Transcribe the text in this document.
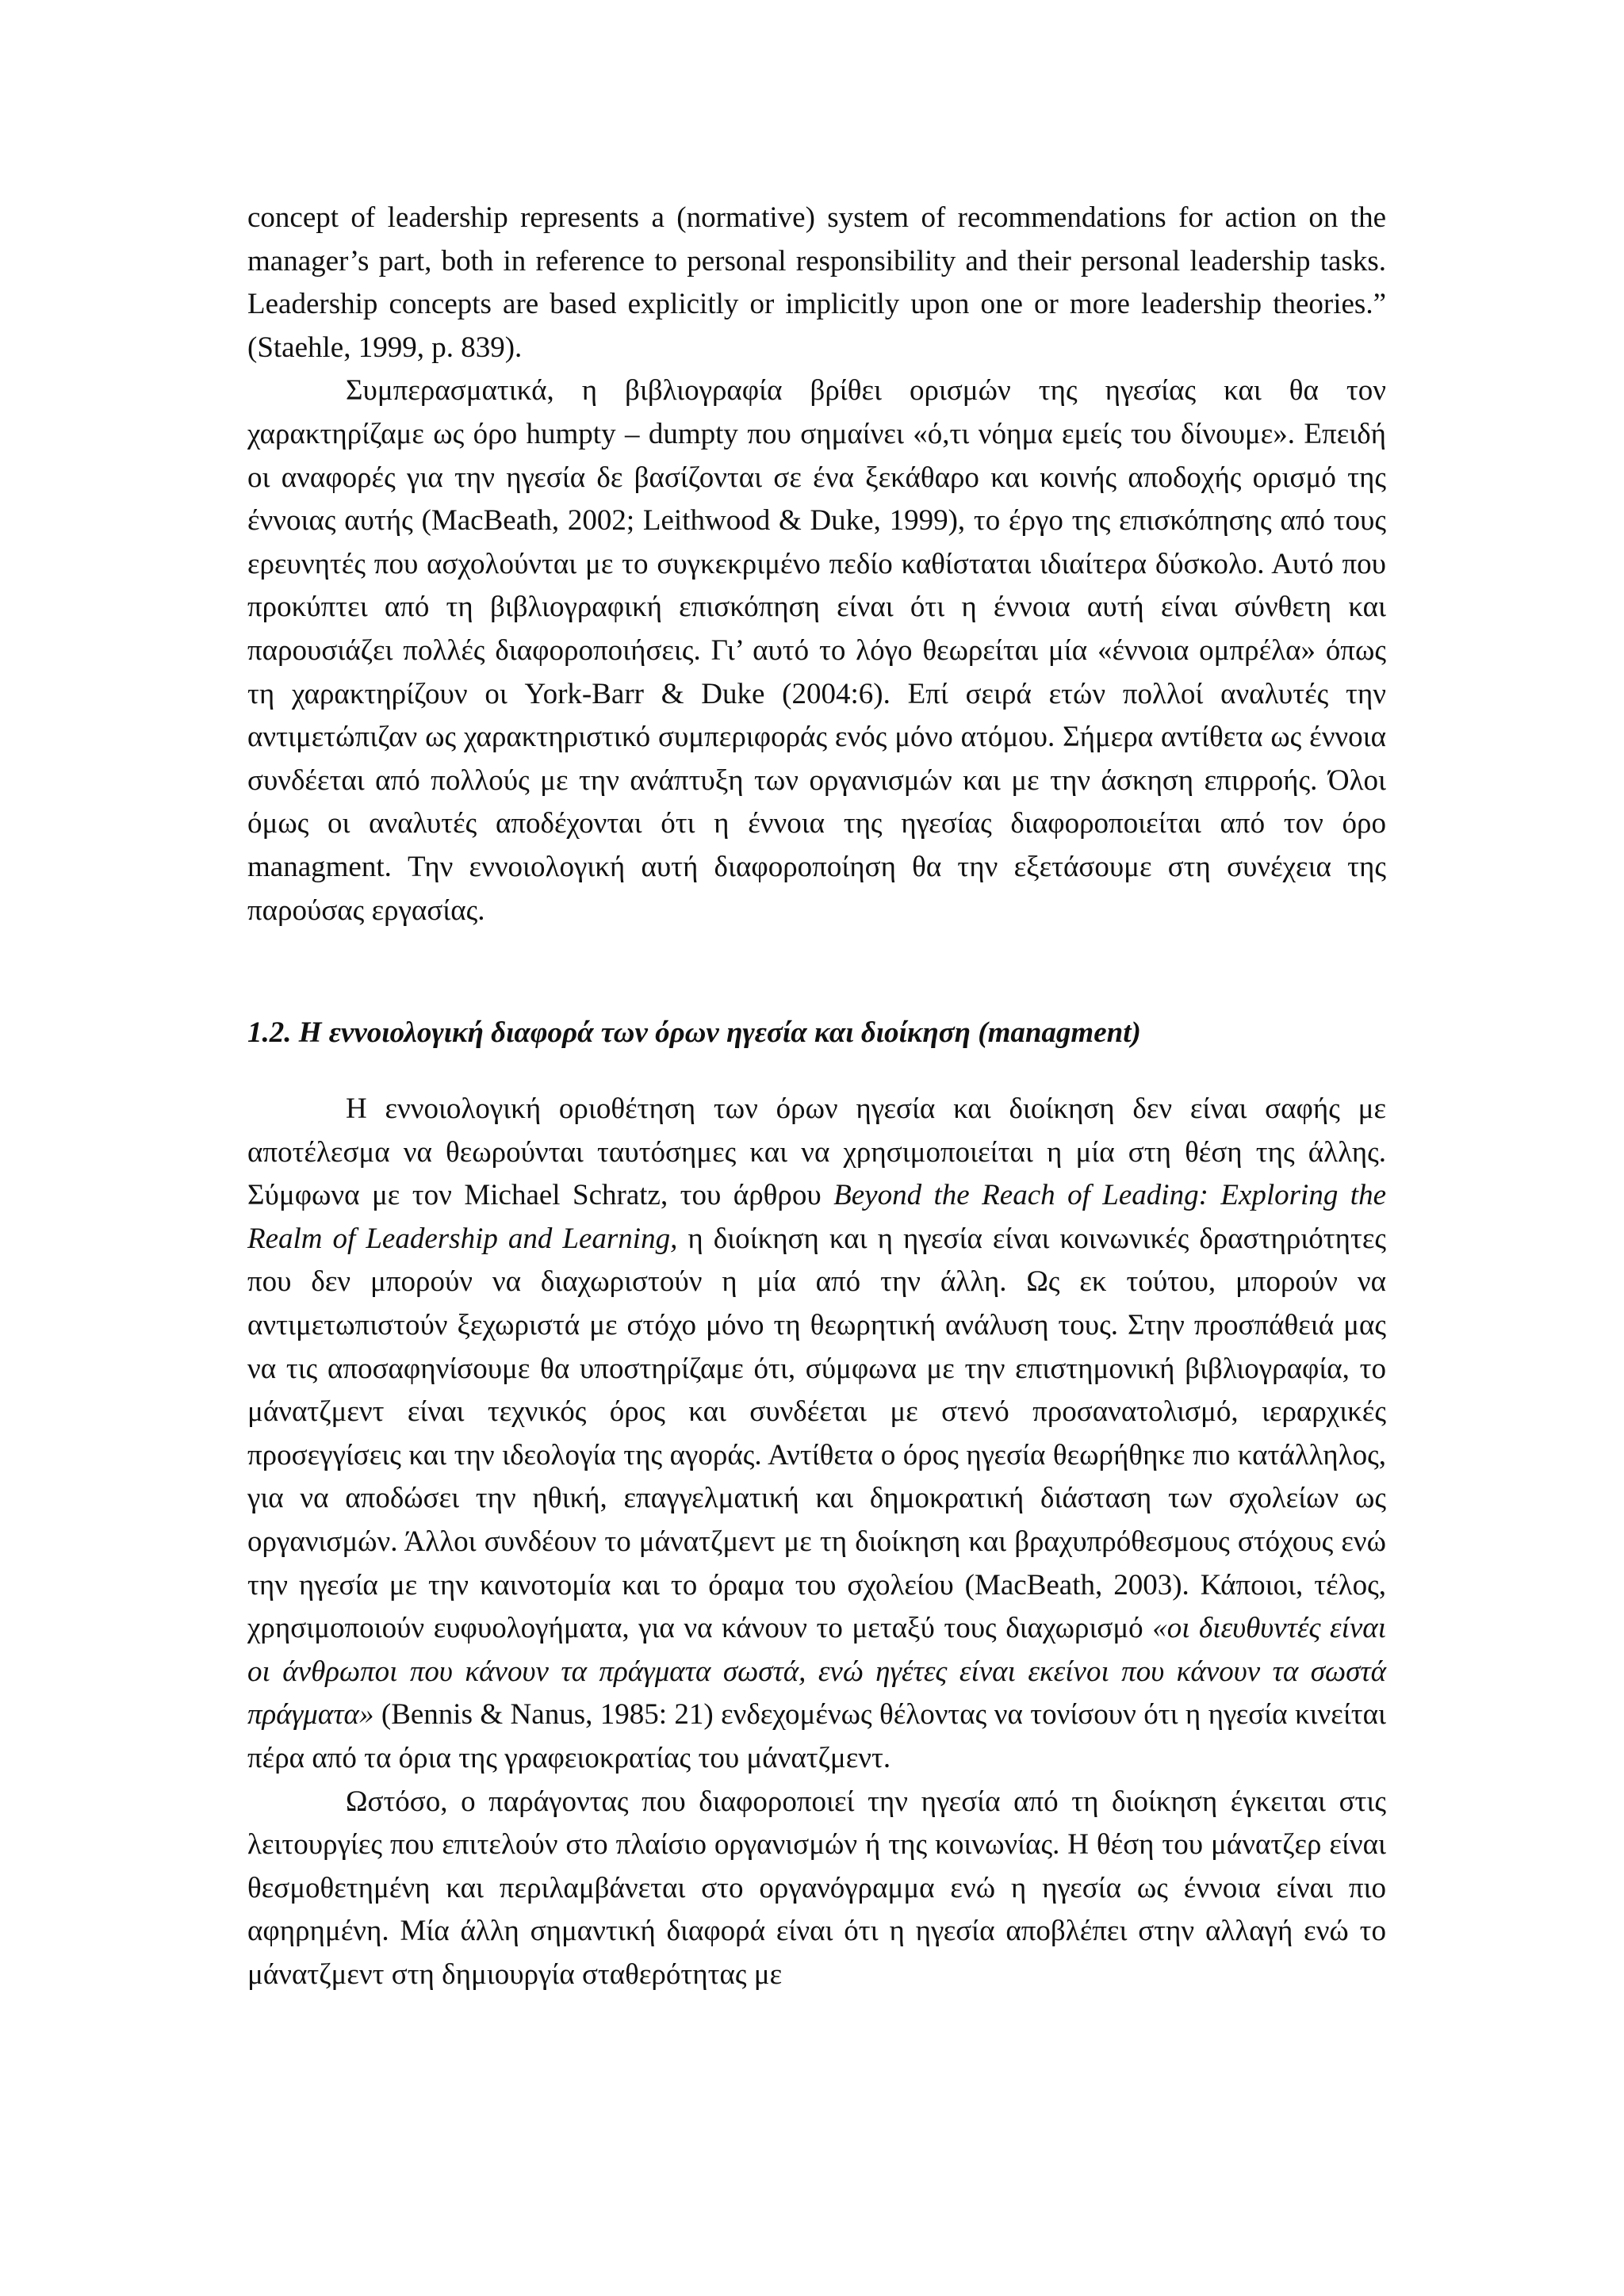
concept of leadership represents a (normative) system of recommendations for action on the manager’s part, both in reference to personal responsibility and their personal leadership tasks. Leadership concepts are based explicitly or implicitly upon one or more leadership theories.” (Staehle, 1999, p. 839).

Συμπερασματικά, η βιβλιογραφία βρίθει ορισμών της ηγεσίας και θα τον χαρακτηρίζαμε ως όρο humpty – dumpty που σημαίνει «ό,τι νόημα εμείς του δίνουμε». Επειδή οι αναφορές για την ηγεσία δε βασίζονται σε ένα ξεκάθαρο και κοινής αποδοχής ορισμό της έννοιας αυτής (MacBeath, 2002; Leithwood & Duke, 1999), το έργο της επισκόπησης από τους ερευνητές που ασχολούνται με το συγκεκριμένο πεδίο καθίσταται ιδιαίτερα δύσκολο. Αυτό που προκύπτει από τη βιβλιογραφική επισκόπηση είναι ότι η έννοια αυτή είναι σύνθετη και παρουσιάζει πολλές διαφοροποιήσεις. Γι’ αυτό το λόγο θεωρείται μία «έννοια ομπρέλα» όπως τη χαρακτηρίζουν οι York-Barr & Duke (2004:6). Επί σειρά ετών πολλοί αναλυτές την αντιμετώπιζαν ως χαρακτηριστικό συμπεριφοράς ενός μόνο ατόμου. Σήμερα αντίθετα ως έννοια συνδέεται από πολλούς με την ανάπτυξη των οργανισμών και με την άσκηση επιρροής. Όλοι όμως οι αναλυτές αποδέχονται ότι η έννοια της ηγεσίας διαφοροποιείται από τον όρο managment. Την εννοιολογική αυτή διαφοροποίηση θα την εξετάσουμε στη συνέχεια της παρούσας εργασίας.

1.2. Η εννοιολογική διαφορά των όρων ηγεσία και διοίκηση (managment)

Η εννοιολογική οριοθέτηση των όρων ηγεσία και διοίκηση δεν είναι σαφής με αποτέλεσμα να θεωρούνται ταυτόσημες και να χρησιμοποιείται η μία στη θέση της άλλης. Σύμφωνα με τον Michael Schratz, του άρθρου Beyond the Reach of Leading: Exploring the Realm of Leadership and Learning, η διοίκηση και η ηγεσία είναι κοινωνικές δραστηριότητες που δεν μπορούν να διαχωριστούν η μία από την άλλη. Ως εκ τούτου, μπορούν να αντιμετωπιστούν ξεχωριστά με στόχο μόνο τη θεωρητική ανάλυση τους. Στην προσπάθειά μας να τις αποσαφηνίσουμε θα υποστηρίζαμε ότι, σύμφωνα με την επιστημονική βιβλιογραφία, το μάνατζμεντ είναι τεχνικός όρος και συνδέεται με στενό προσανατολισμό, ιεραρχικές προσεγγίσεις και την ιδεολογία της αγοράς. Αντίθετα ο όρος ηγεσία θεωρήθηκε πιο κατάλληλος, για να αποδώσει την ηθική, επαγγελματική και δημοκρατική διάσταση των σχολείων ως οργανισμών. Άλλοι συνδέουν το μάνατζμεντ με τη διοίκηση και βραχυπρόθεσμους στόχους ενώ την ηγεσία με την καινοτομία και το όραμα του σχολείου (MacBeath, 2003). Κάποιοι, τέλος, χρησιμοποιούν ευφυολογήματα, για να κάνουν το μεταξύ τους διαχωρισμό «οι διευθυντές είναι οι άνθρωποι που κάνουν τα πράγματα σωστά, ενώ ηγέτες είναι εκείνοι που κάνουν τα σωστά πράγματα» (Bennis & Nanus, 1985: 21) ενδεχομένως θέλοντας να τονίσουν ότι η ηγεσία κινείται πέρα από τα όρια της γραφειοκρατίας του μάνατζμεντ.

Ωστόσο, ο παράγοντας που διαφοροποιεί την ηγεσία από τη διοίκηση έγκειται στις λειτουργίες που επιτελούν στο πλαίσιο οργανισμών ή της κοινωνίας. Η θέση του μάνατζερ είναι θεσμοθετημένη και περιλαμβάνεται στο οργανόγραμμα ενώ η ηγεσία ως έννοια είναι πιο αφηρημένη. Μία άλλη σημαντική διαφορά είναι ότι η ηγεσία αποβλέπει στην αλλαγή ενώ το μάνατζμεντ στη δημιουργία σταθερότητας με
